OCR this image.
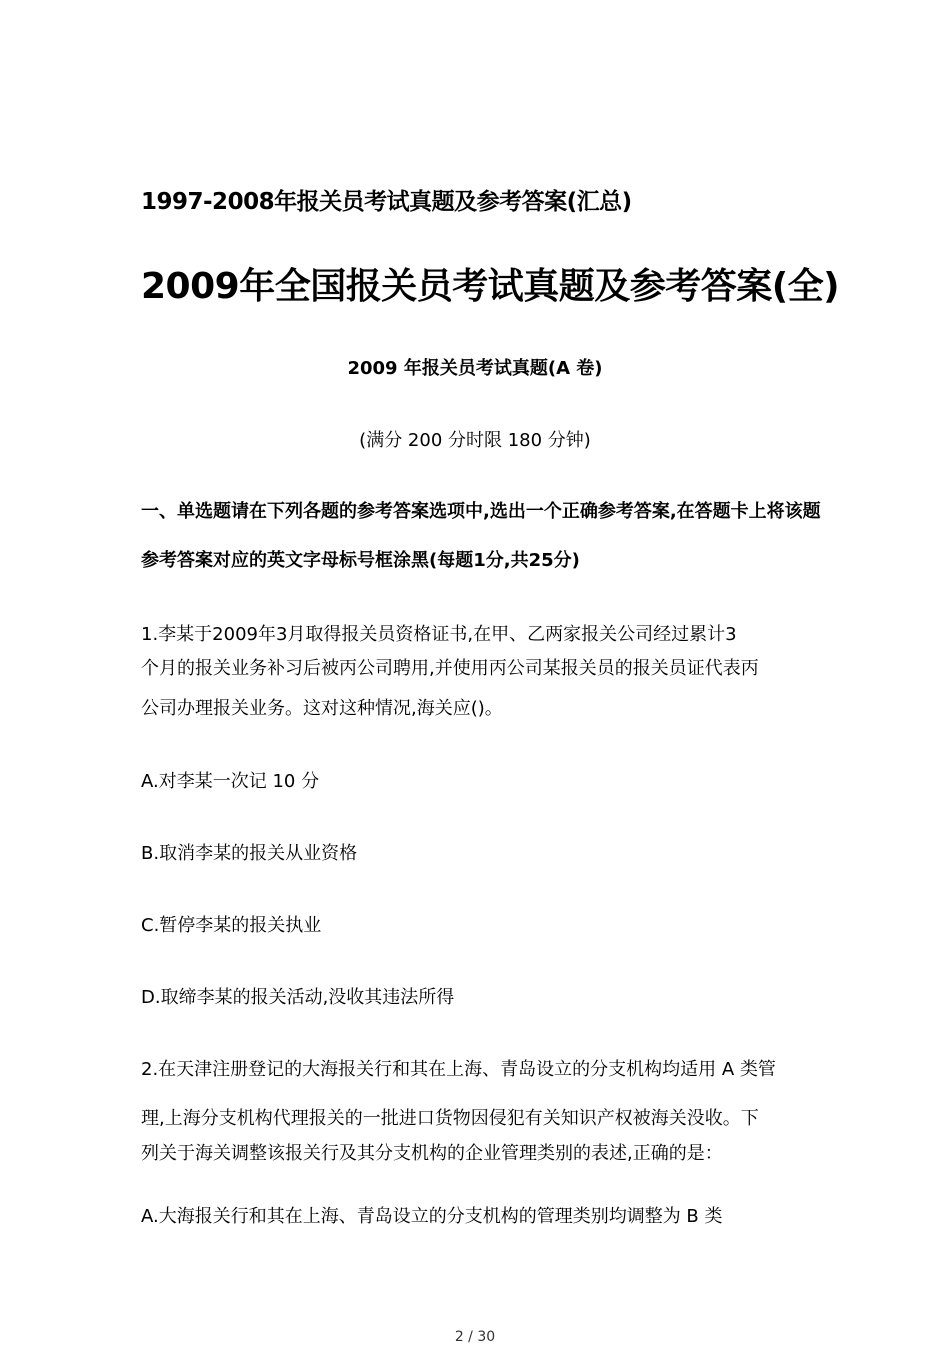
1997-2008年报关员考试真题及参考答案(汇总)
2009年全国报关员考试真题及参考答案(全)
2009 年报关员考试真题(A 卷)
(满分 200 分时限 180 分钟)
一、单选题请在下列各题的参考答案选项中,选出一个正确参考答案,在答题卡上将该题
参考答案对应的英文字母标号框涂黑(每题1分,共25分)
1.李某于2009年3月取得报关员资格证书,在甲、乙两家报关公司经过累计3
个月的报关业务补习后被丙公司聘用,并使用丙公司某报关员的报关员证代表丙
公司办理报关业务。这对这种情况,海关应()。
A.对李某一次记 10 分
B.取消李某的报关从业资格
C.暂停李某的报关执业
D.取缔李某的报关活动,没收其违法所得
2.在天津注册登记的大海报关行和其在上海、青岛设立的分支机构均适用 A 类管
理,上海分支机构代理报关的一批进口货物因侵犯有关知识产权被海关没收。下
列关于海关调整该报关行及其分支机构的企业管理类别的表述,正确的是：
A.大海报关行和其在上海、青岛设立的分支机构的管理类别均调整为 B 类
2 / 30
